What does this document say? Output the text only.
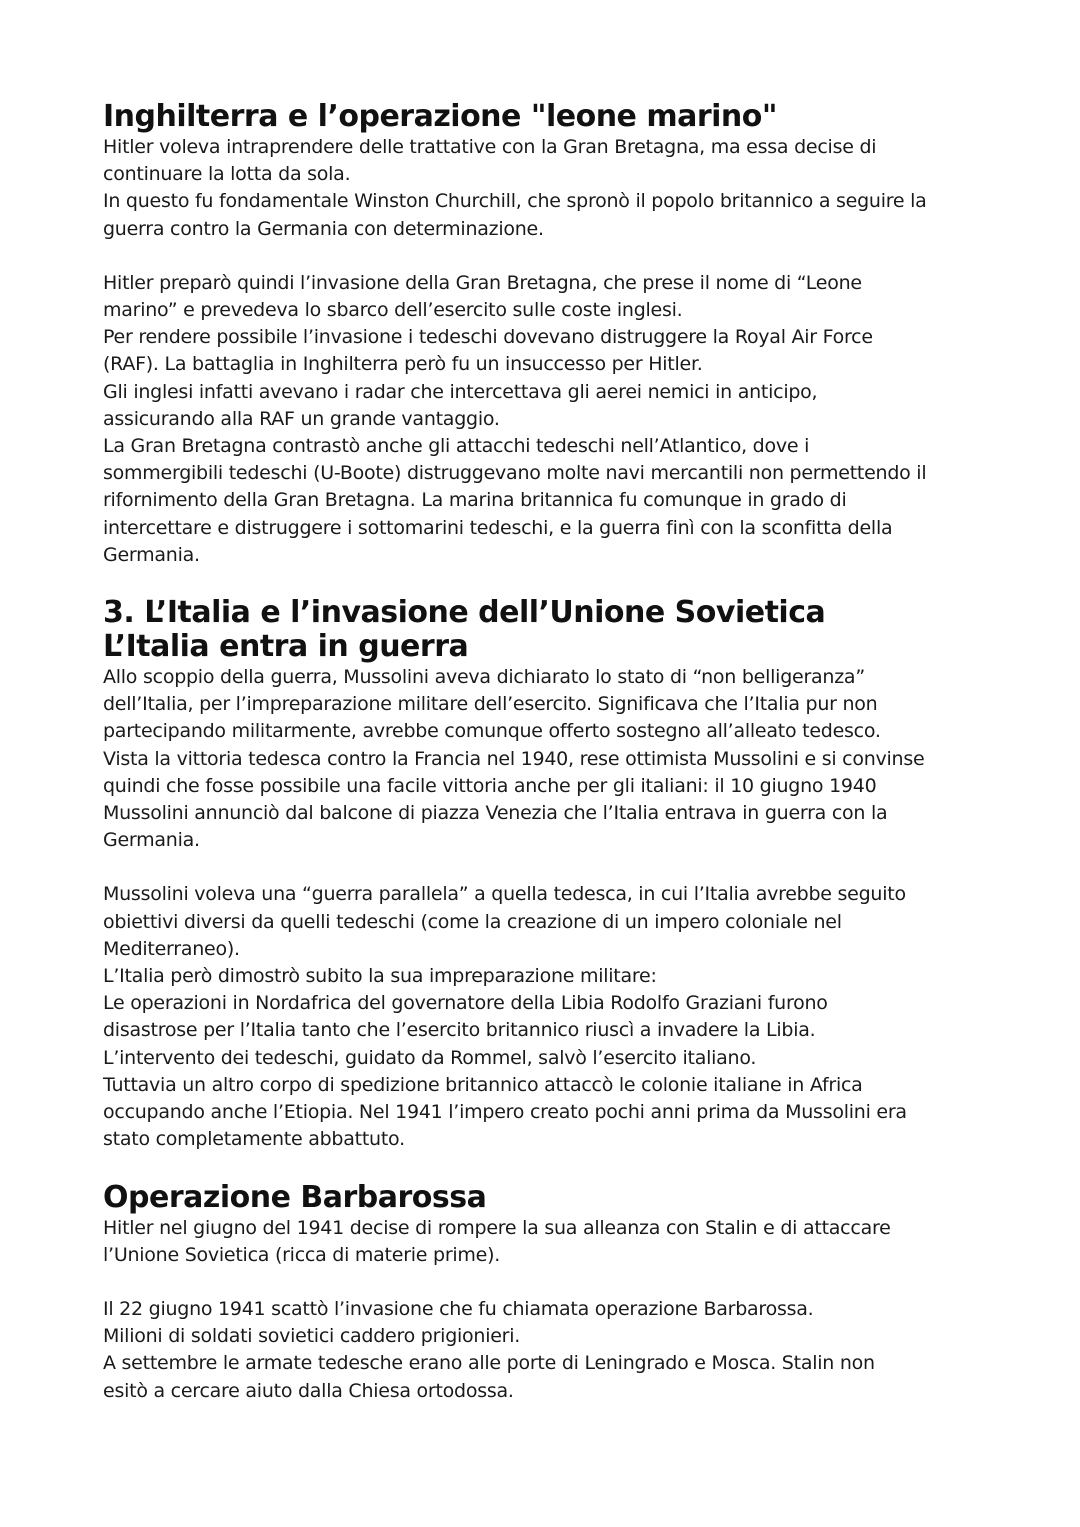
Inghilterra e l’operazione "leone marino"

Hitler voleva intraprendere delle trattative con la Gran Bretagna, ma essa decise di
continuare la lotta da sola.
In questo fu fondamentale Winston Churchill, che spronò il popolo britannico a seguire la
guerra contro la Germania con determinazione.

Hitler preparò quindi l’invasione della Gran Bretagna, che prese il nome di “Leone
marino” e prevedeva lo sbarco dell’esercito sulle coste inglesi.
Per rendere possibile l’invasione i tedeschi dovevano distruggere la Royal Air Force
(RAF). La battaglia in Inghilterra però fu un insuccesso per Hitler.
Gli inglesi infatti avevano i radar che intercettava gli aerei nemici in anticipo,
assicurando alla RAF un grande vantaggio.
La Gran Bretagna contrastò anche gli attacchi tedeschi nell’Atlantico, dove i
sommergibili tedeschi (U-Boote) distruggevano molte navi mercantili non permettendo il
rifornimento della Gran Bretagna. La marina britannica fu comunque in grado di
intercettare e distruggere i sottomarini tedeschi, e la guerra finì con la sconfitta della
Germania.

3. L’Italia e l’invasione dell’Unione Sovietica
L’Italia entra in guerra

Allo scoppio della guerra, Mussolini aveva dichiarato lo stato di “non belligeranza”
dell’Italia, per l’impreparazione militare dell’esercito. Significava che l’Italia pur non
partecipando militarmente, avrebbe comunque offerto sostegno all’alleato tedesco.
Vista la vittoria tedesca contro la Francia nel 1940, rese ottimista Mussolini e si convinse
quindi che fosse possibile una facile vittoria anche per gli italiani: il 10 giugno 1940
Mussolini annunciò dal balcone di piazza Venezia che l’Italia entrava in guerra con la
Germania.

Mussolini voleva una “guerra parallela” a quella tedesca, in cui l’Italia avrebbe seguito
obiettivi diversi da quelli tedeschi (come la creazione di un impero coloniale nel
Mediterraneo).
L’Italia però dimostrò subito la sua impreparazione militare:
Le operazioni in Nordafrica del governatore della Libia Rodolfo Graziani furono
disastrose per l’Italia tanto che l’esercito britannico riuscì a invadere la Libia.
L’intervento dei tedeschi, guidato da Rommel, salvò l’esercito italiano.
Tuttavia un altro corpo di spedizione britannico attaccò le colonie italiane in Africa
occupando anche l’Etiopia. Nel 1941 l’impero creato pochi anni prima da Mussolini era
stato completamente abbattuto.

Operazione Barbarossa

Hitler nel giugno del 1941 decise di rompere la sua alleanza con Stalin e di attaccare
l’Unione Sovietica (ricca di materie prime).

Il 22 giugno 1941 scattò l’invasione che fu chiamata operazione Barbarossa.
Milioni di soldati sovietici caddero prigionieri.
A settembre le armate tedesche erano alle porte di Leningrado e Mosca. Stalin non
esitò a cercare aiuto dalla Chiesa ortodossa.
